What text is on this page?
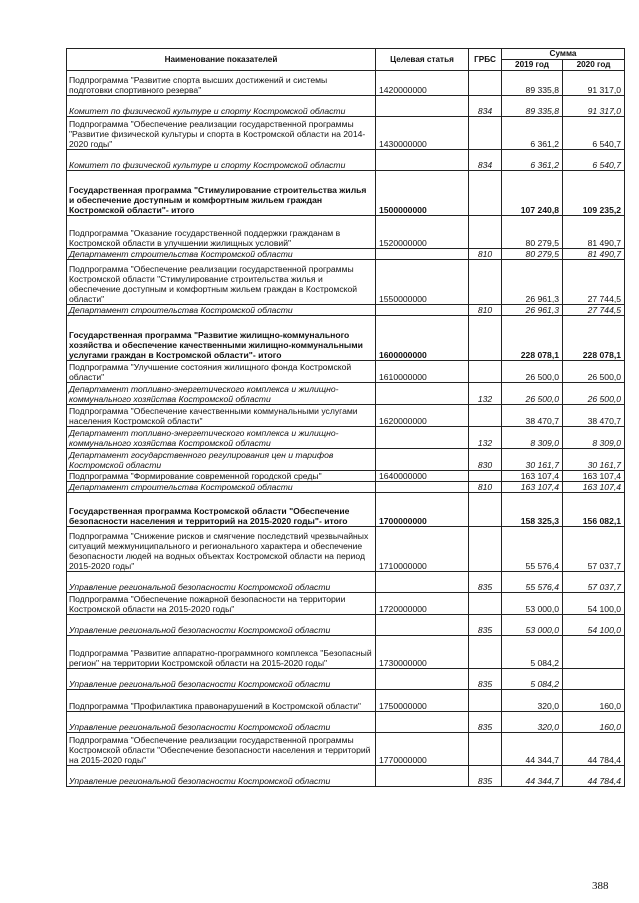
Наименование показателей	Целевая статья	ГРБС	Сумма	
			2019 год	2020 год
Подпрограмма "Развитие спорта высших достижений и системы подготовки спортивного резерва"	1420000000		89 335,8	91 317,0
Комитет по физической культуре и спорту Костромской области		834	89 335,8	91 317,0
Подпрограмма "Обеспечение реализации государственной программы "Развитие физической культуры и спорта в Костромской области на 2014-2020 годы"	1430000000		6 361,2	6 540,7
Комитет по физической культуре и спорту Костромской области		834	6 361,2	6 540,7
Государственная программа "Стимулирование строительства жилья и обеспечение доступным и комфортным жильем граждан Костромской области"- итого	1500000000		107 240,8	109 235,2
Подпрограмма "Оказание государственной поддержки гражданам в Костромской области в улучшении жилищных условий"	1520000000		80 279,5	81 490,7
Департамент строительства Костромской области		810	80 279,5	81 490,7
Подпрограмма "Обеспечение реализации государственной программы Костромской области "Стимулирование строительства жилья и обеспечение доступным и комфортным жильем граждан в Костромской области"	1550000000		26 961,3	27 744,5
Департамент строительства Костромской области		810	26 961,3	27 744,5
Государственная программа "Развитие жилищно-коммунального хозяйства и обеспечение качественными жилищно-коммунальными услугами граждан в Костромской области"- итого	1600000000		228 078,1	228 078,1
Подпрограмма "Улучшение состояния жилищного фонда Костромской области"	1610000000		26 500,0	26 500,0
Департамент топливно-энергетического комплекса и жилищно-коммунального хозяйства Костромской области		132	26 500,0	26 500,0
Подпрограмма "Обеспечение качественными коммунальными услугами населения Костромской области"	1620000000		38 470,7	38 470,7
Департамент топливно-энергетического комплекса и жилищно-коммунального хозяйства Костромской области		132	8 309,0	8 309,0
Департамент государственного регулирования цен и тарифов Костромской области		830	30 161,7	30 161,7
Подпрограмма "Формирование современной городской среды"	1640000000		163 107,4	163 107,4
Департамент строительства Костромской области		810	163 107,4	163 107,4
Государственная программа Костромской области "Обеспечение безопасности населения и территорий на 2015-2020 годы"- итого	1700000000		158 325,3	156 082,1
Подпрограмма "Снижение рисков и смягчение последствий чрезвычайных ситуаций межмуниципального и регионального характера и обеспечение безопасности людей на водных объектах Костромской области на период 2015-2020 годы"	1710000000		55 576,4	57 037,7
Управление региональной безопасности Костромской области		835	55 576,4	57 037,7
Подпрограмма "Обеспечение пожарной безопасности на территории Костромской области на 2015-2020 годы"	1720000000		53 000,0	54 100,0
Управление региональной безопасности Костромской области		835	53 000,0	54 100,0
Подпрограмма "Развитие аппаратно-программного комплекса "Безопасный регион" на территории Костромской области на 2015-2020 годы"	1730000000		5 084,2	
Управление региональной безопасности Костромской области		835	5 084,2	
Подпрограмма "Профилактика правонарушений в Костромской области"	1750000000		320,0	160,0
Управление региональной безопасности Костромской области		835	320,0	160,0
Подпрограмма "Обеспечение реализации государственной программы Костромской области "Обеспечение безопасности населения и территорий на 2015-2020 годы"	1770000000		44 344,7	44 784,4
Управление региональной безопасности Костромской области		835	44 344,7	44 784,4
388
